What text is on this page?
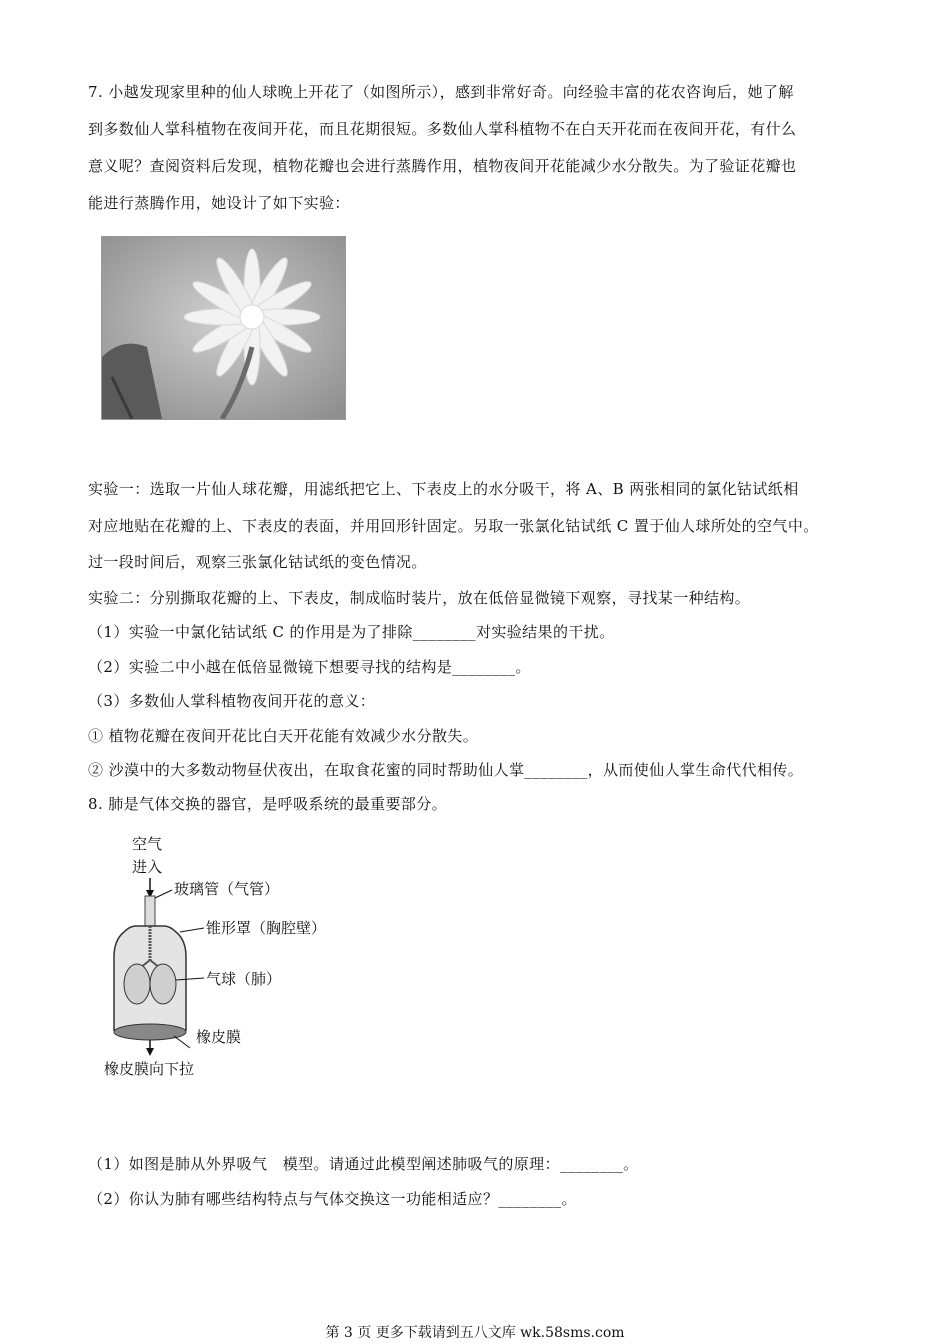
7. 小越发现家里种的仙人球晚上开花了（如图所示），感到非常好奇。向经验丰富的花农咨询后，她了解
到多数仙人掌科植物在夜间开花，而且花期很短。多数仙人掌科植物不在白天开花而在夜间开花，有什么
意义呢？查阅资料后发现，植物花瓣也会进行蒸腾作用，植物夜间开花能减少水分散失。为了验证花瓣也
能进行蒸腾作用，她设计了如下实验：
实验一：选取一片仙人球花瓣，用滤纸把它上、下表皮上的水分吸干，将 A、B 两张相同的氯化钴试纸相
对应地贴在花瓣的上、下表皮的表面，并用回形针固定。另取一张氯化钴试纸 C 置于仙人球所处的空气中。
过一段时间后，观察三张氯化钴试纸的变色情况。
实验二：分别撕取花瓣的上、下表皮，制成临时装片，放在低倍显微镜下观察，寻找某一种结构。
（1）实验一中氯化钴试纸 C 的作用是为了排除________对实验结果的干扰。
（2）实验二中小越在低倍显微镜下想要寻找的结构是________。
（3）多数仙人掌科植物夜间开花的意义：
① 植物花瓣在夜间开花比白天开花能有效减少水分散失。
② 沙漠中的大多数动物昼伏夜出，在取食花蜜的同时帮助仙人掌________，从而使仙人掌生命代代相传。
8. 肺是气体交换的器官，是呼吸系统的最重要部分。
空气
进入
玻璃管（气管）
锥形罩（胸腔壁）
气球（肺）
橡皮膜
橡皮膜向下拉
（1）如图是肺从外界吸气　模型。请通过此模型阐述肺吸气的原理：________。
（2）你认为肺有哪些结构特点与气体交换这一功能相适应？________。
第 3 页 更多下载请到五八文库 wk.58sms.com
